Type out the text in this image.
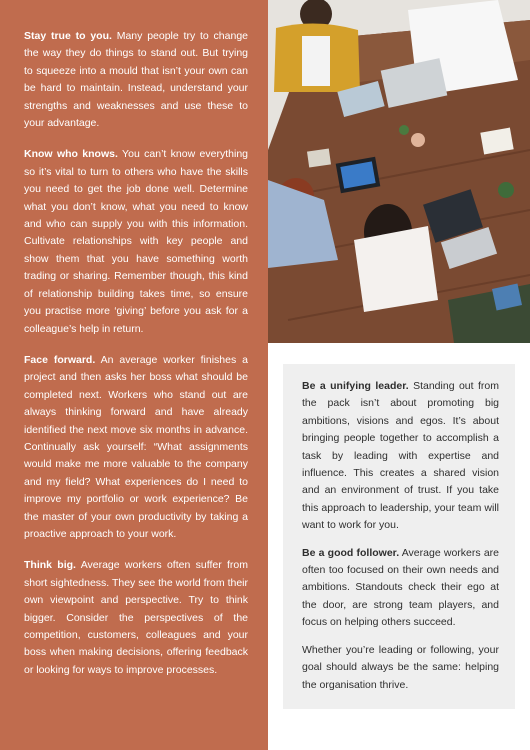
Stay true to you. Many people try to change the way they do things to stand out. But trying to squeeze into a mould that isn’t your own can be hard to maintain. Instead, understand your strengths and weaknesses and use these to your advantage.

Know who knows. You can’t know everything so it’s vital to turn to others who have the skills you need to get the job done well. Determine what you don’t know, what you need to know and who can supply you with this information. Cultivate relationships with key people and show them that you have something worth trading or sharing. Remember though, this kind of relationship building takes time, so ensure you practise more ‘giving’ before you ask for a colleague’s help in return.

Face forward. An average worker finishes a project and then asks her boss what should be completed next. Workers who stand out are always thinking forward and have already identified the next move six months in advance. Continually ask yourself: “What assignments would make me more valuable to the company and my field? What experiences do I need to improve my portfolio or work experience? Be the master of your own productivity by taking a proactive approach to your work.

Think big. Average workers often suffer from short sightedness. They see the world from their own viewpoint and perspective. Try to think bigger. Consider the perspectives of the competition, customers, colleagues and your boss when making decisions, offering feedback or looking for ways to improve processes.

Be a unifying leader. Standing out from the pack isn’t about promoting big ambitions, visions and egos. It’s about bringing people together to accomplish a task by leading with expertise and influence. This creates a shared vision and an environment of trust. If you take this approach to leadership, your team will want to work for you.

Be a good follower. Average workers are often too focused on their own needs and ambitions. Standouts check their ego at the door, are strong team players, and focus on helping others succeed.

Whether you’re leading or following, your goal should always be the same: helping the organisation thrive.
